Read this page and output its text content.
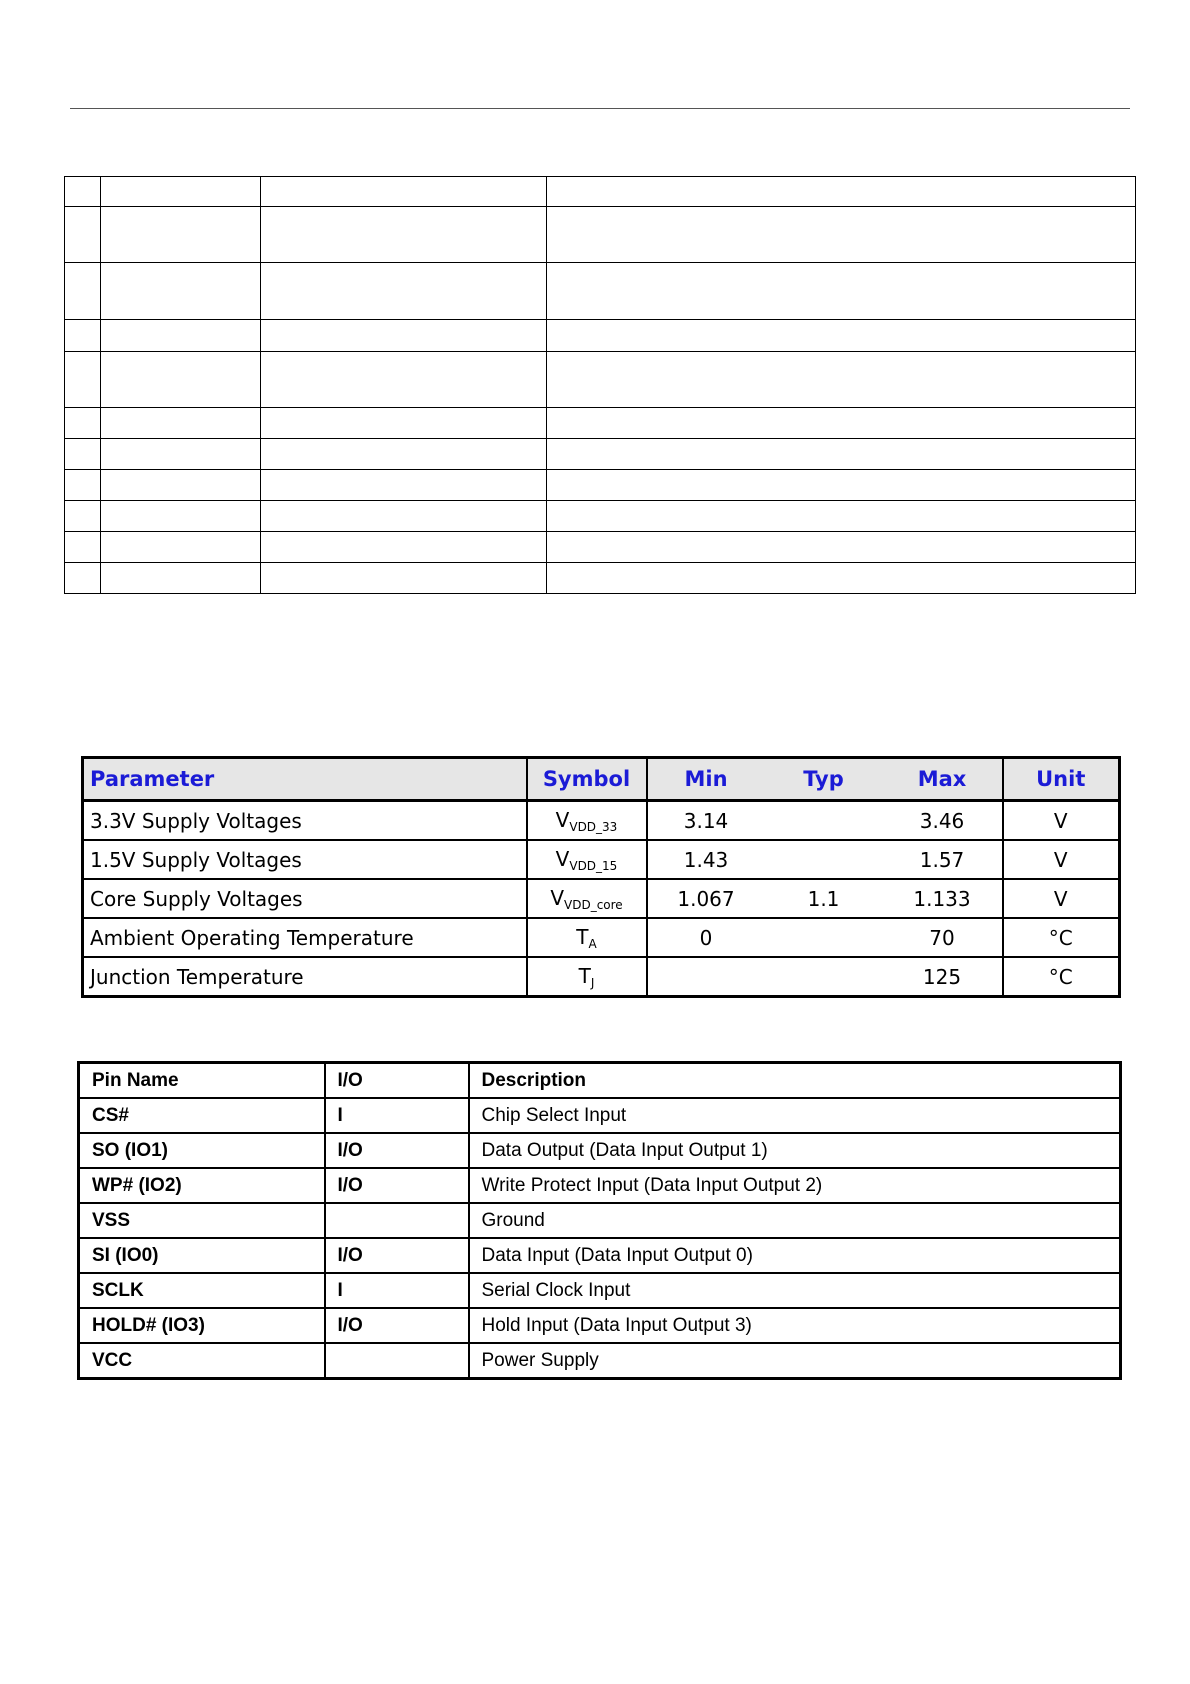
Parameter	Symbol	Min	Typ	Max	Unit
3.3V Supply Voltages	$V_{VDD\_33}$	3.14		3.46	V
1.5V Supply Voltages	$V_{VDD\_15}$	1.43		1.57	V
Core Supply Voltages	$V_{VDD\_core}$	1.067	1.1	1.133	V
Ambient Operating Temperature	$T_A$	0		70	°C
Junction Temperature	$T_J$			125	°C
Pin Name	I/O	Description
CS#	I	Chip Select Input
SO (IO1)	I/O	Data Output (Data Input Output 1)
WP# (IO2)	I/O	Write Protect Input (Data Input Output 2)
VSS		Ground
SI (IO0)	I/O	Data Input (Data Input Output 0)
SCLK	I	Serial Clock Input
HOLD# (IO3)	I/O	Hold Input (Data Input Output 3)
VCC		Power Supply
